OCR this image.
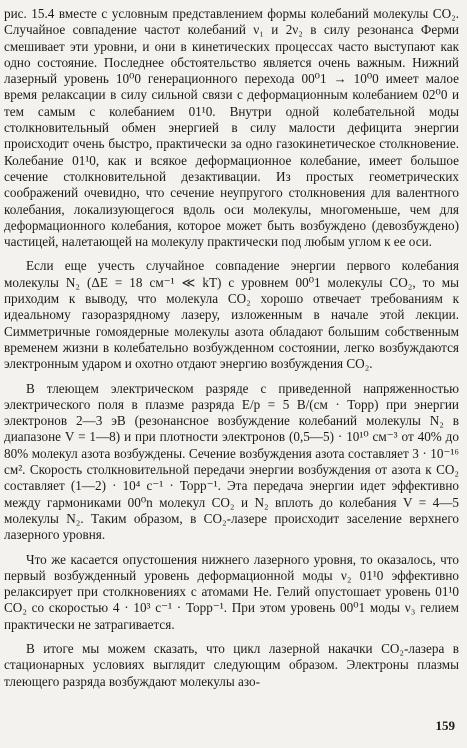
рис. 15.4 вместе с условным представлением формы колебаний молекулы CO₂. Случайное совпадение частот колебаний ν₁ и 2ν₂ в силу резонанса Ферми смешивает эти уровни, и они в кинетических процессах часто выступают как одно состояние. Последнее обстоятельство является очень важным. Нижний лазерный уровень 10⁰0 генерационного перехода 00⁰1 → 10⁰0 имеет малое время релаксации в силу сильной связи с деформационным колебанием 02⁰0 и тем самым с колебанием 01¹0. Внутри одной колебательной моды столкновительный обмен энергией в силу малости дефицита энергии происходит очень быстро, практически за одно газокинетическое столкновение. Колебание 01¹0, как и всякое деформационное колебание, имеет большое сечение столкновительной дезактивации. Из простых геометрических соображений очевидно, что сечение неупругого столкновения для валентного колебания, локализующегося вдоль оси молекулы, многоменьше, чем для деформационного колебания, которое может быть возбуждено (девозбуждено) частицей, налетающей на молекулу практически под любым углом к ее оси.

Если еще учесть случайное совпадение энергии первого колебания молекулы N₂ (ΔE = 18 см⁻¹ ≪ kT) с уровнем 00⁰1 молекулы CO₂, то мы приходим к выводу, что молекула CO₂ хорошо отвечает требованиям к идеальному газоразрядному лазеру, изложенным в начале этой лекции. Симметричные гомоядерные молекулы азота обладают большим собственным временем жизни в колебательно возбужденном состоянии, легко возбуждаются электронным ударом и охотно отдают энергию возбуждения CO₂.

В тлеющем электрическом разряде с приведенной напряженностью электрического поля в плазме разряда E/p = 5 В/(см · Торр) при энергии электронов 2—3 эВ (резонансное возбуждение колебаний молекулы N₂ в диапазоне V = 1—8) и при плотности электронов (0,5—5) · 10¹⁰ см⁻³ от 40% до 80% молекул азота возбуждены. Сечение возбуждения азота составляет 3 · 10⁻¹⁶ см². Скорость столкновительной передачи энергии возбуждения от азота к CO₂ составляет (1—2) · 10⁴ с⁻¹ · Торр⁻¹. Эта передача энергии идет эффективно между гармониками 00⁰n молекул CO₂ и N₂ вплоть до колебания V = 4—5 молекулы N₂. Таким образом, в CO₂-лазере происходит заселение верхнего лазерного уровня.

Что же касается опустошения нижнего лазерного уровня, то оказалось, что первый возбужденный уровень деформационной моды ν₂ 01¹0 эффективно релаксирует при столкновениях с атомами He. Гелий опустошает уровень 01¹0 CO₂ со скоростью 4 · 10³ с⁻¹ · Торр⁻¹. При этом уровень 00⁰1 моды ν₃ гелием практически не затрагивается.

В итоге мы можем сказать, что цикл лазерной накачки CO₂-лазера в стационарных условиях выглядит следующим образом. Электроны плазмы тлеющего разряда возбуждают молекулы азо-

159
